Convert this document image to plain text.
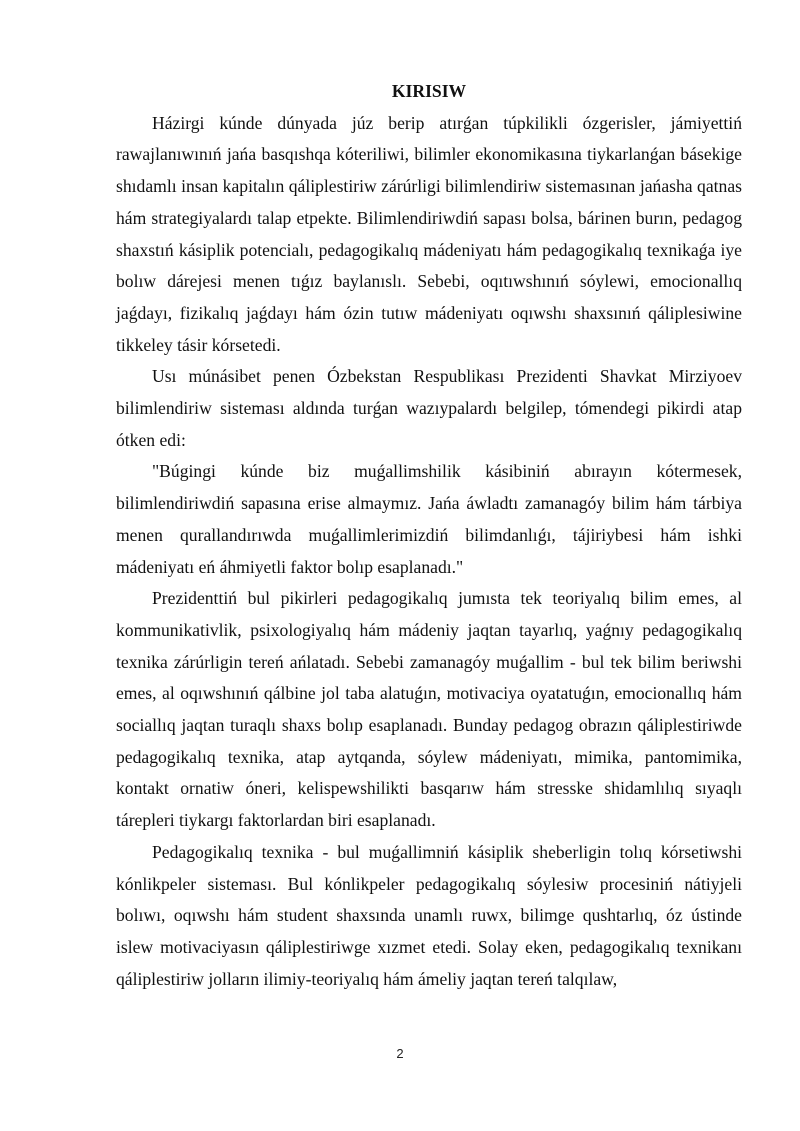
KIRISIW

Házirgi kúnde dúnyada júz berip atırǵan túpkilikli ózgerisler, jámiyettiń rawajlanıwınıń jańa basqıshqa kóteriliwi, bilimler ekonomikasına tiykarlanǵan básekige shıdamlı insan kapitalın qáliplestiriw zárúrligi bilimlendiriw sistemasınan jańasha qatnas hám strategiyalardı talap etpekte. Bilimlendiriwdiń sapası bolsa, bárinen burın, pedagog shaxstıń kásiplik potencialı, pedagogikalıq mádeniyatı hám pedagogikalıq texnikaǵa iye bolıw dárejesi menen tıǵız baylanıslı. Sebebi, oqıtıwshınıń sóylewi, emocionallıq jaǵdayı, fizikalıq jaǵdayı hám ózin tutıw mádeniyatı oqıwshı shaxsınıń qáliplesiwine tikkeley tásir kórsetedi.

Usı múnásibet penen Ózbekstan Respublikası Prezidenti Shavkat Mirziyoev bilimlendiriw sisteması aldında turǵan wazıypalardı belgilep, tómendegi pikirdi atap ótken edi:

"Búgingi kúnde biz muǵallimshilik kásibiniń abırayın kótermesek, bilimlendiriwdiń sapasına erise almaymız. Jańa áwladtı zamanagóy bilim hám tárbiya menen qurallandırıwda muǵallimlerimizdiń bilimdanlıǵı, tájiriybesi hám ishki mádeniyatı eń áhmiyetli faktor bolıp esaplanadı."

Prezidenttiń bul pikirleri pedagogikalıq jumısta tek teoriyalıq bilim emes, al kommunikativlik, psixologiyalıq hám mádeniy jaqtan tayarlıq, yaǵnıy pedagogikalıq texnika zárúrligin tereń ańlatadı. Sebebi zamanagóy muǵallim - bul tek bilim beriwshi emes, al oqıwshınıń qálbine jol taba alatuǵın, motivaciya oyatatuǵın, emocionallıq hám sociallıq jaqtan turaqlı shaxs bolıp esaplanadı. Bunday pedagog obrazın qáliplestiriwde pedagogikalıq texnika, atap aytqanda, sóylew mádeniyatı, mimika, pantomimika, kontakt ornatiw óneri, kelispewshilikti basqarıw hám stresske shidamlılıq sıyaqlı tárepleri tiykargı faktorlardan biri esaplanadı.

Pedagogikalıq texnika - bul muǵallimniń kásiplik sheberligin tolıq kórsetiwshi kónlikpeler sisteması. Bul kónlikpeler pedagogikalıq sóylesiw procesiniń nátiyjeli bolıwı, oqıwshı hám student shaxsında unamlı ruwx, bilimge qushtarlıq, óz ústinde islew motivaciyasın qáliplestiriwge xızmet etedi. Solay eken, pedagogikalıq texnikanı qáliplestiriw jolların ilimiy-teoriyalıq hám ámeliy jaqtan tereń talqılaw,

2
